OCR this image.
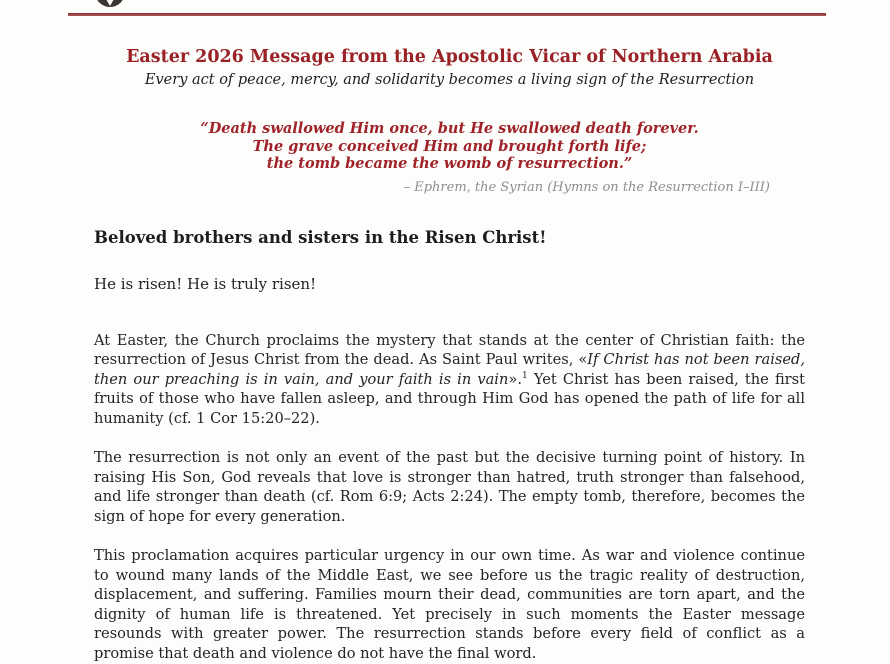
Easter 2026 Message from the Apostolic Vicar of Northern Arabia
Every act of peace, mercy, and solidarity becomes a living sign of the Resurrection
“Death swallowed Him once, but He swallowed death forever.
The grave conceived Him and brought forth life;
the tomb became the womb of resurrection.”
– Ephrem, the Syrian (Hymns on the Resurrection I–III)
Beloved brothers and sisters in the Risen Christ!
He is risen! He is truly risen!

At Easter, the Church proclaims the mystery that stands at the center of Christian faith: the resurrection of Jesus Christ from the dead. As Saint Paul writes, «If Christ has not been raised, then our preaching is in vain, and your faith is in vain».$^1$ Yet Christ has been raised, the first fruits of those who have fallen asleep, and through Him God has opened the path of life for all humanity (cf. 1 Cor 15:20–22).

The resurrection is not only an event of the past but the decisive turning point of history. In raising His Son, God reveals that love is stronger than hatred, truth stronger than falsehood, and life stronger than death (cf. Rom 6:9; Acts 2:24). The empty tomb, therefore, becomes the sign of hope for every generation.

This proclamation acquires particular urgency in our own time. As war and violence continue to wound many lands of the Middle East, we see before us the tragic reality of destruction, displacement, and suffering. Families mourn their dead, communities are torn apart, and the dignity of human life is threatened. Yet precisely in such moments the Easter message resounds with greater power. The resurrection stands before every field of conflict as a promise that death and violence do not have the final word.
